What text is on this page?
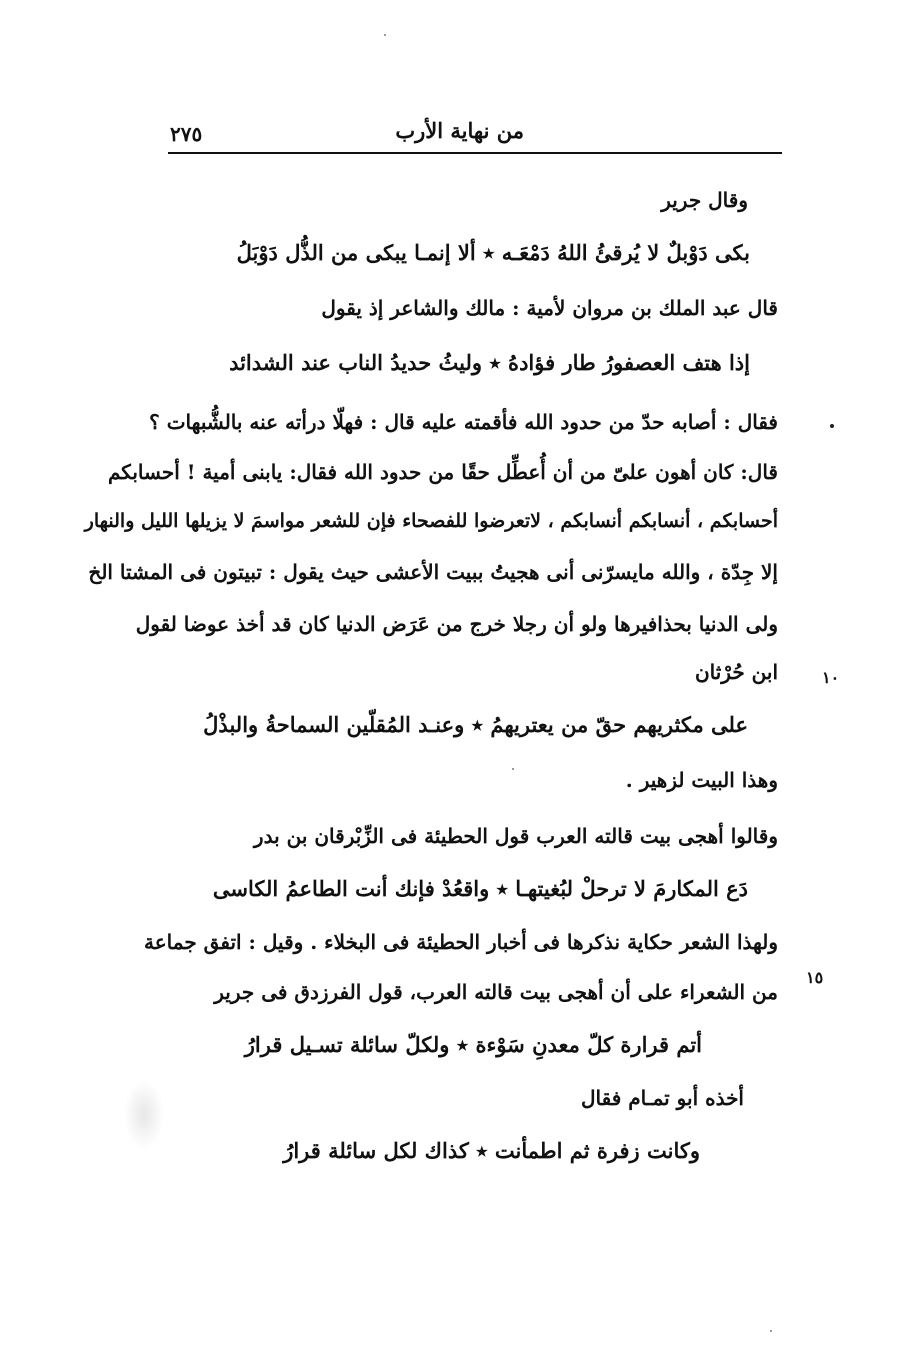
من نهاية الأرب
٢٧٥
وقال جرير
بكى دَوْبلٌ لا يُرقئُ اللهُ دَمْعَـه ٭ ألا إنمـا يبكى من الذُّل دَوْبَلُ
قال عبد الملك بن مروان لأمية : مالك والشاعر إذ يقول
إذا هتف العصفورُ طار فؤادهُ ٭ وليثُ حديدُ الناب عند الشدائد
فقال : أصابه حدّ من حدود الله فأقمته عليه قال : فهلّا درأته عنه بالشُّبهات ؟
قال: كان أهون علىّ من أن أُعطِّل حقًا من حدود الله فقال: يابنى أمية ! أحسابكم
أحسابكم ، أنسابكم أنسابكم ، لاتعرضوا للفصحاء فإن للشعر مواسمَ لا يزيلها الليل والنهار
إلا جِدّة ، والله مايسرّنى أنى هجيتُ ببيت الأعشى حيث يقول : تبيتون فى المشتا الخ
ولى الدنيا بحذافيرها ولو أن رجلا خرج من عَرَض الدنيا كان قد أخذ عوضا لقول
ابن حُرْثان
على مكثريهم حقّ من يعتريهمُ ٭ وعنـد المُقلّين السماحةُ والبذْلُ
وهذا البيت لزهير .
وقالوا أهجى بيت قالته العرب قول الحطيئة فى الزِّبْرقان بن بدر
دَع المكارمَ لا ترحلْ لبُغيتهـا ٭ واقعُدْ فإنك أنت الطاعمُ الكاسى
ولهذا الشعر حكاية نذكرها فى أخبار الحطيئة فى البخلاء . وقيل : اتفق جماعة
من الشعراء على أن أهجى بيت قالته العرب، قول الفرزدق فى جرير
أتم قرارة كلّ معدنِ سَوْءة ٭ ولكلّ سائلة تسـيل قرارُ
أخذه أبو تمـام فقال
وكانت زفرة ثم اطمأنت ٭ كذاك لكل سائلة قرارُ
١٠
١٥
